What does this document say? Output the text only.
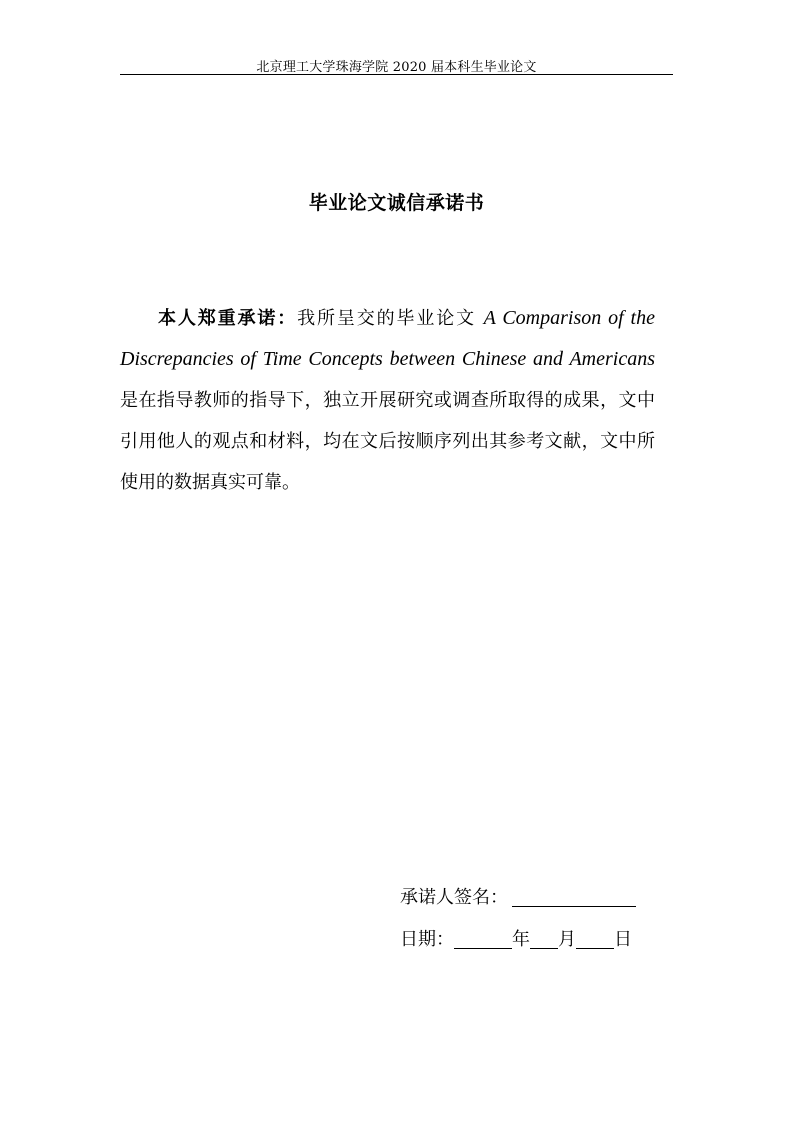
北京理工大学珠海学院 2020 届本科生毕业论文
毕业论文诚信承诺书
本人郑重承诺：我所呈交的毕业论文 A Comparison of the Discrepancies of Time Concepts between Chinese and Americans 是在指导教师的指导下，独立开展研究或调查所取得的成果，文中引用他人的观点和材料，均在文后按顺序列出其参考文献，文中所使用的数据真实可靠。
承诺人签名：
日期：	年 月 日
